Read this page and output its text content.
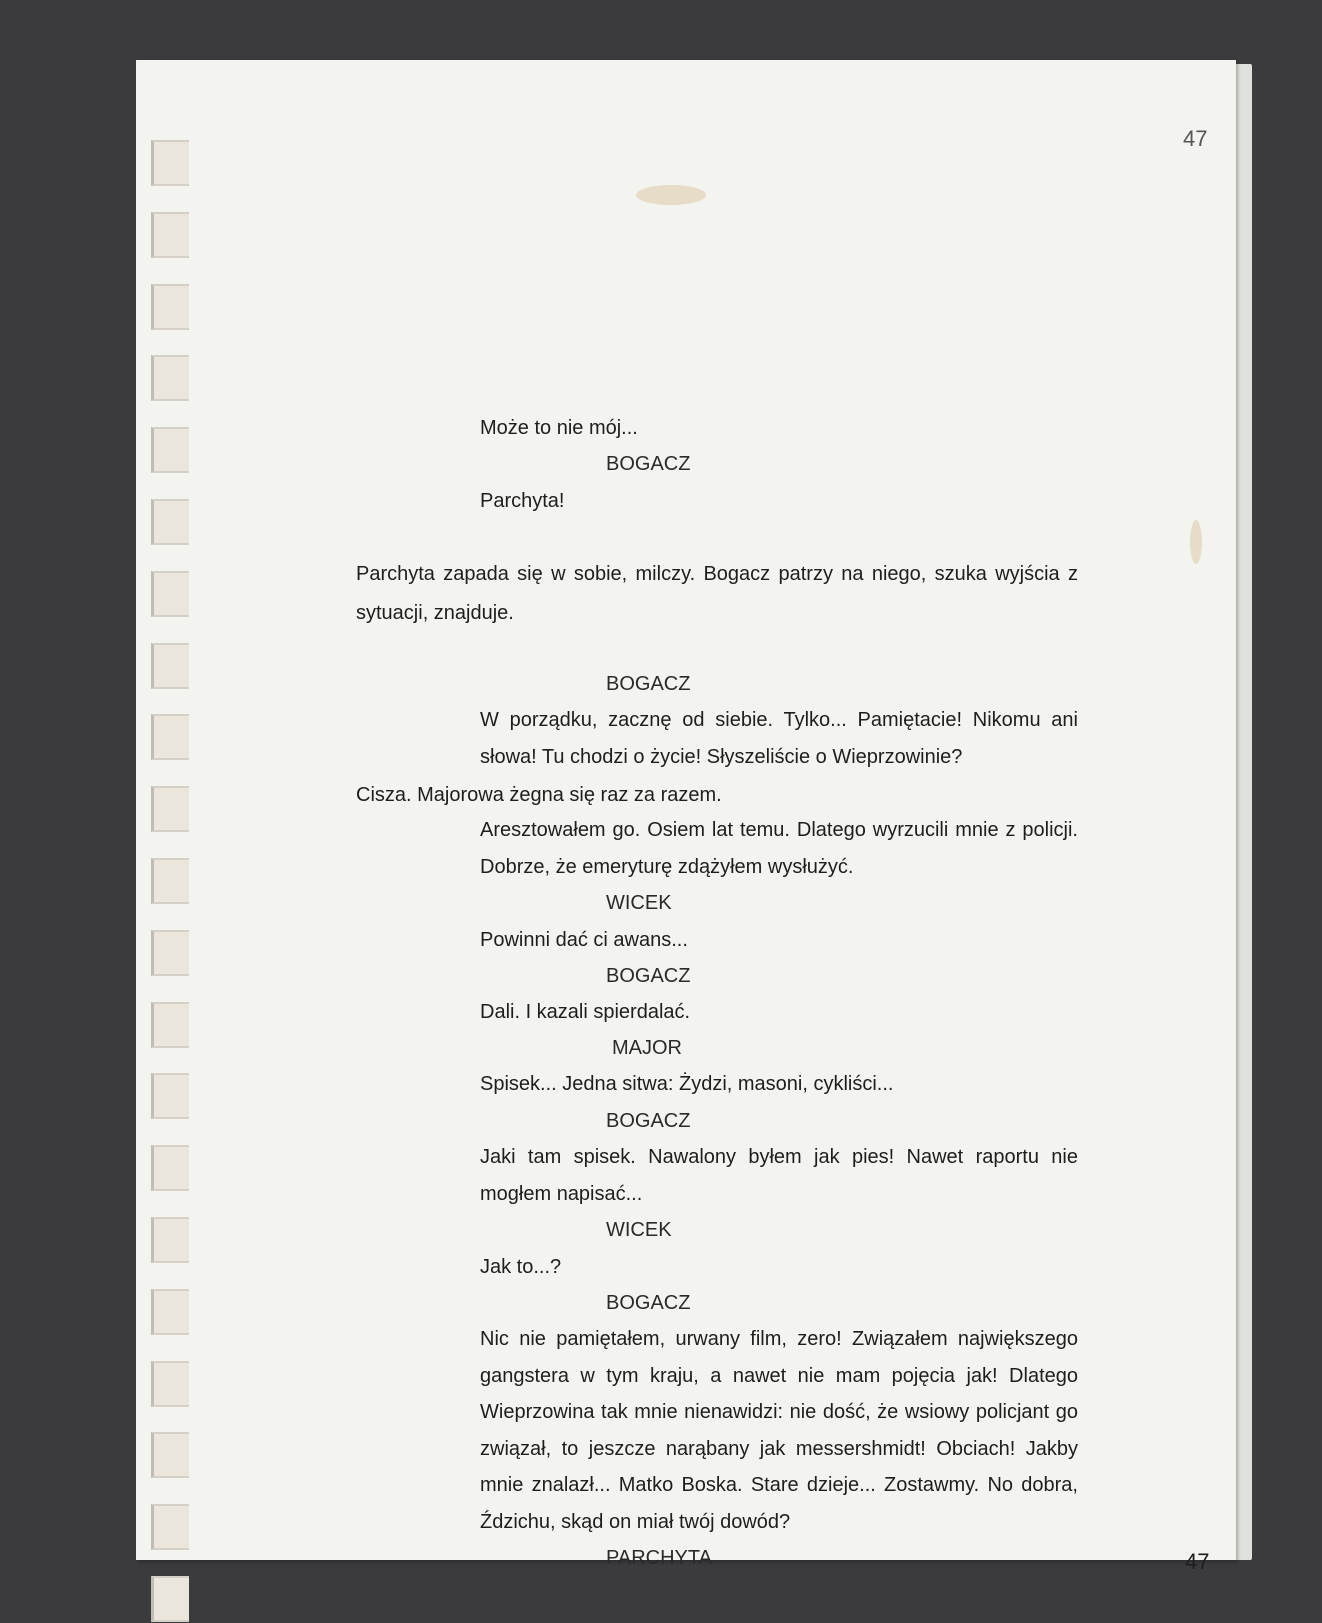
47
47
Może to nie mój...
BOGACZ
Parchyta!
Parchyta zapada się w sobie, milczy. Bogacz patrzy na niego, szuka wyjścia z sytuacji, znajduje.
BOGACZ
W porządku, zacznę od siebie. Tylko... Pamiętacie! Nikomu ani słowa! Tu chodzi o życie! Słyszeliście o Wieprzowinie?
Cisza. Majorowa żegna się raz za razem.
Aresztowałem go. Osiem lat temu. Dlatego wyrzucili mnie z policji. Dobrze, że emeryturę zdążyłem wysłużyć.
WICEK
Powinni dać ci awans...
BOGACZ
Dali. I kazali spierdalać.
MAJOR
Spisek... Jedna sitwa: Żydzi, masoni, cykliści...
BOGACZ
Jaki tam spisek. Nawalony byłem jak pies! Nawet raportu nie mogłem napisać...
WICEK
Jak to...?
BOGACZ
Nic nie pamiętałem, urwany film, zero! Związałem największego gangstera w tym kraju, a nawet nie mam pojęcia jak! Dlatego Wieprzowina tak mnie nienawidzi: nie dość, że wsiowy policjant go związał, to jeszcze narąbany jak messershmidt! Obciach! Jakby mnie znalazł... Matko Boska. Stare dzieje... Zostawmy. No dobra, Ździchu, skąd on miał twój dowód?
PARCHYTA
